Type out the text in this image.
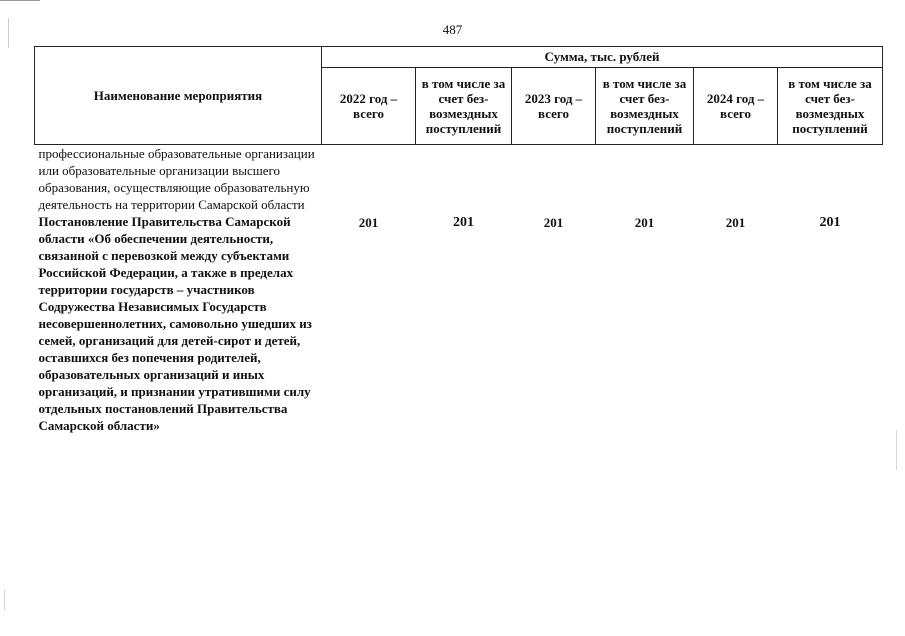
487
Наименование мероприятия	Сумма, тыс. рублей					
	2022 год – всего	в том числе за счет без-возмездных поступлений	2023 год – всего	в том числе за счет без-возмездных поступлений	2024 год – всего	в том числе за счет без-возмездных поступлений
профессиональные образовательные организации или образовательные организации высшего образования, осуществляющие образовательную деятельность на территории Самарской области						
Постановление Правительства Самарской области «Об обеспечении деятельности, связанной с перевозкой между субъектами Российской Федерации, а также в пределах территории государств – участников Содружества Независимых Государств несовершеннолетних, самовольно ушедших из семей, организаций для детей-сирот и детей, оставшихся без попечения родителей, образовательных организаций и иных организаций, и признании утратившими силу отдельных постановлений Правительства Самарской области»	201	201	201	201	201	201
